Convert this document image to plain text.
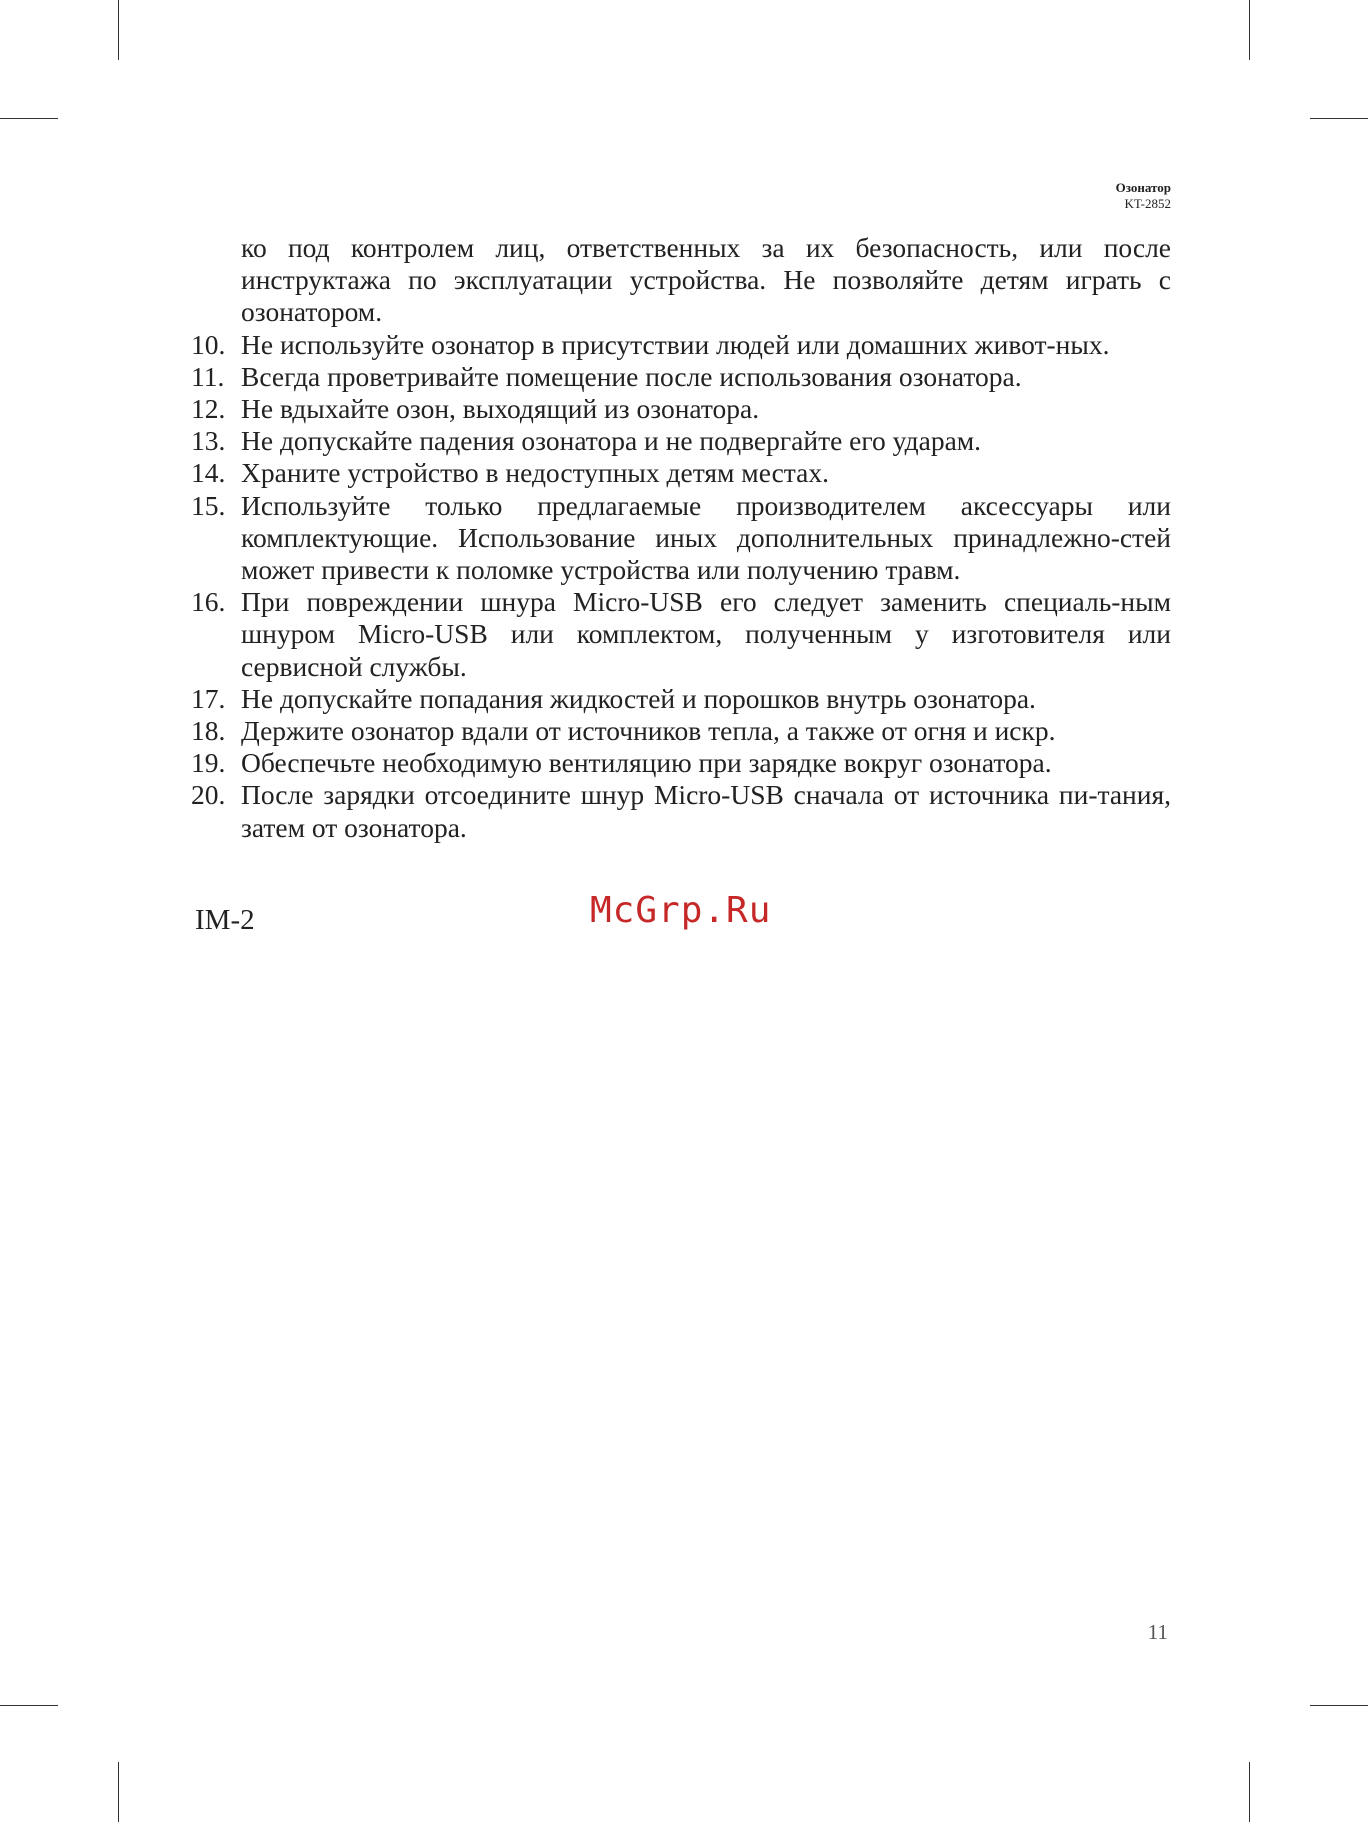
Озонатор
KT-2852
ко под контролем лиц, ответственных за их безопасность, или после инструктажа по эксплуатации устройства. Не позволяйте детям играть с озонатором.
10. Не используйте озонатор в присутствии людей или домашних живот-ных.
11. Всегда проветривайте помещение после использования озонатора.
12. Не вдыхайте озон, выходящий из озонатора.
13. Не допускайте падения озонатора и не подвергайте его ударам.
14. Храните устройство в недоступных детям местах.
15. Используйте только предлагаемые производителем аксессуары или комплектующие. Использование иных дополнительных принадлежно-стей может привести к поломке устройства или получению травм.
16. При повреждении шнура Micro-USB его следует заменить специаль-ным шнуром Micro-USB или комплектом, полученным у изготовителя или сервисной службы.
17. Не допускайте попадания жидкостей и порошков внутрь озонатора.
18. Держите озонатор вдали от источников тепла, а также от огня и искр.
19. Обеспечьте необходимую вентиляцию при зарядке вокруг озонатора.
20. После зарядки отсоедините шнур Micro-USB сначала от источника пи-тания, затем от озонатора.
IM-2	McGrp.Ru
11
